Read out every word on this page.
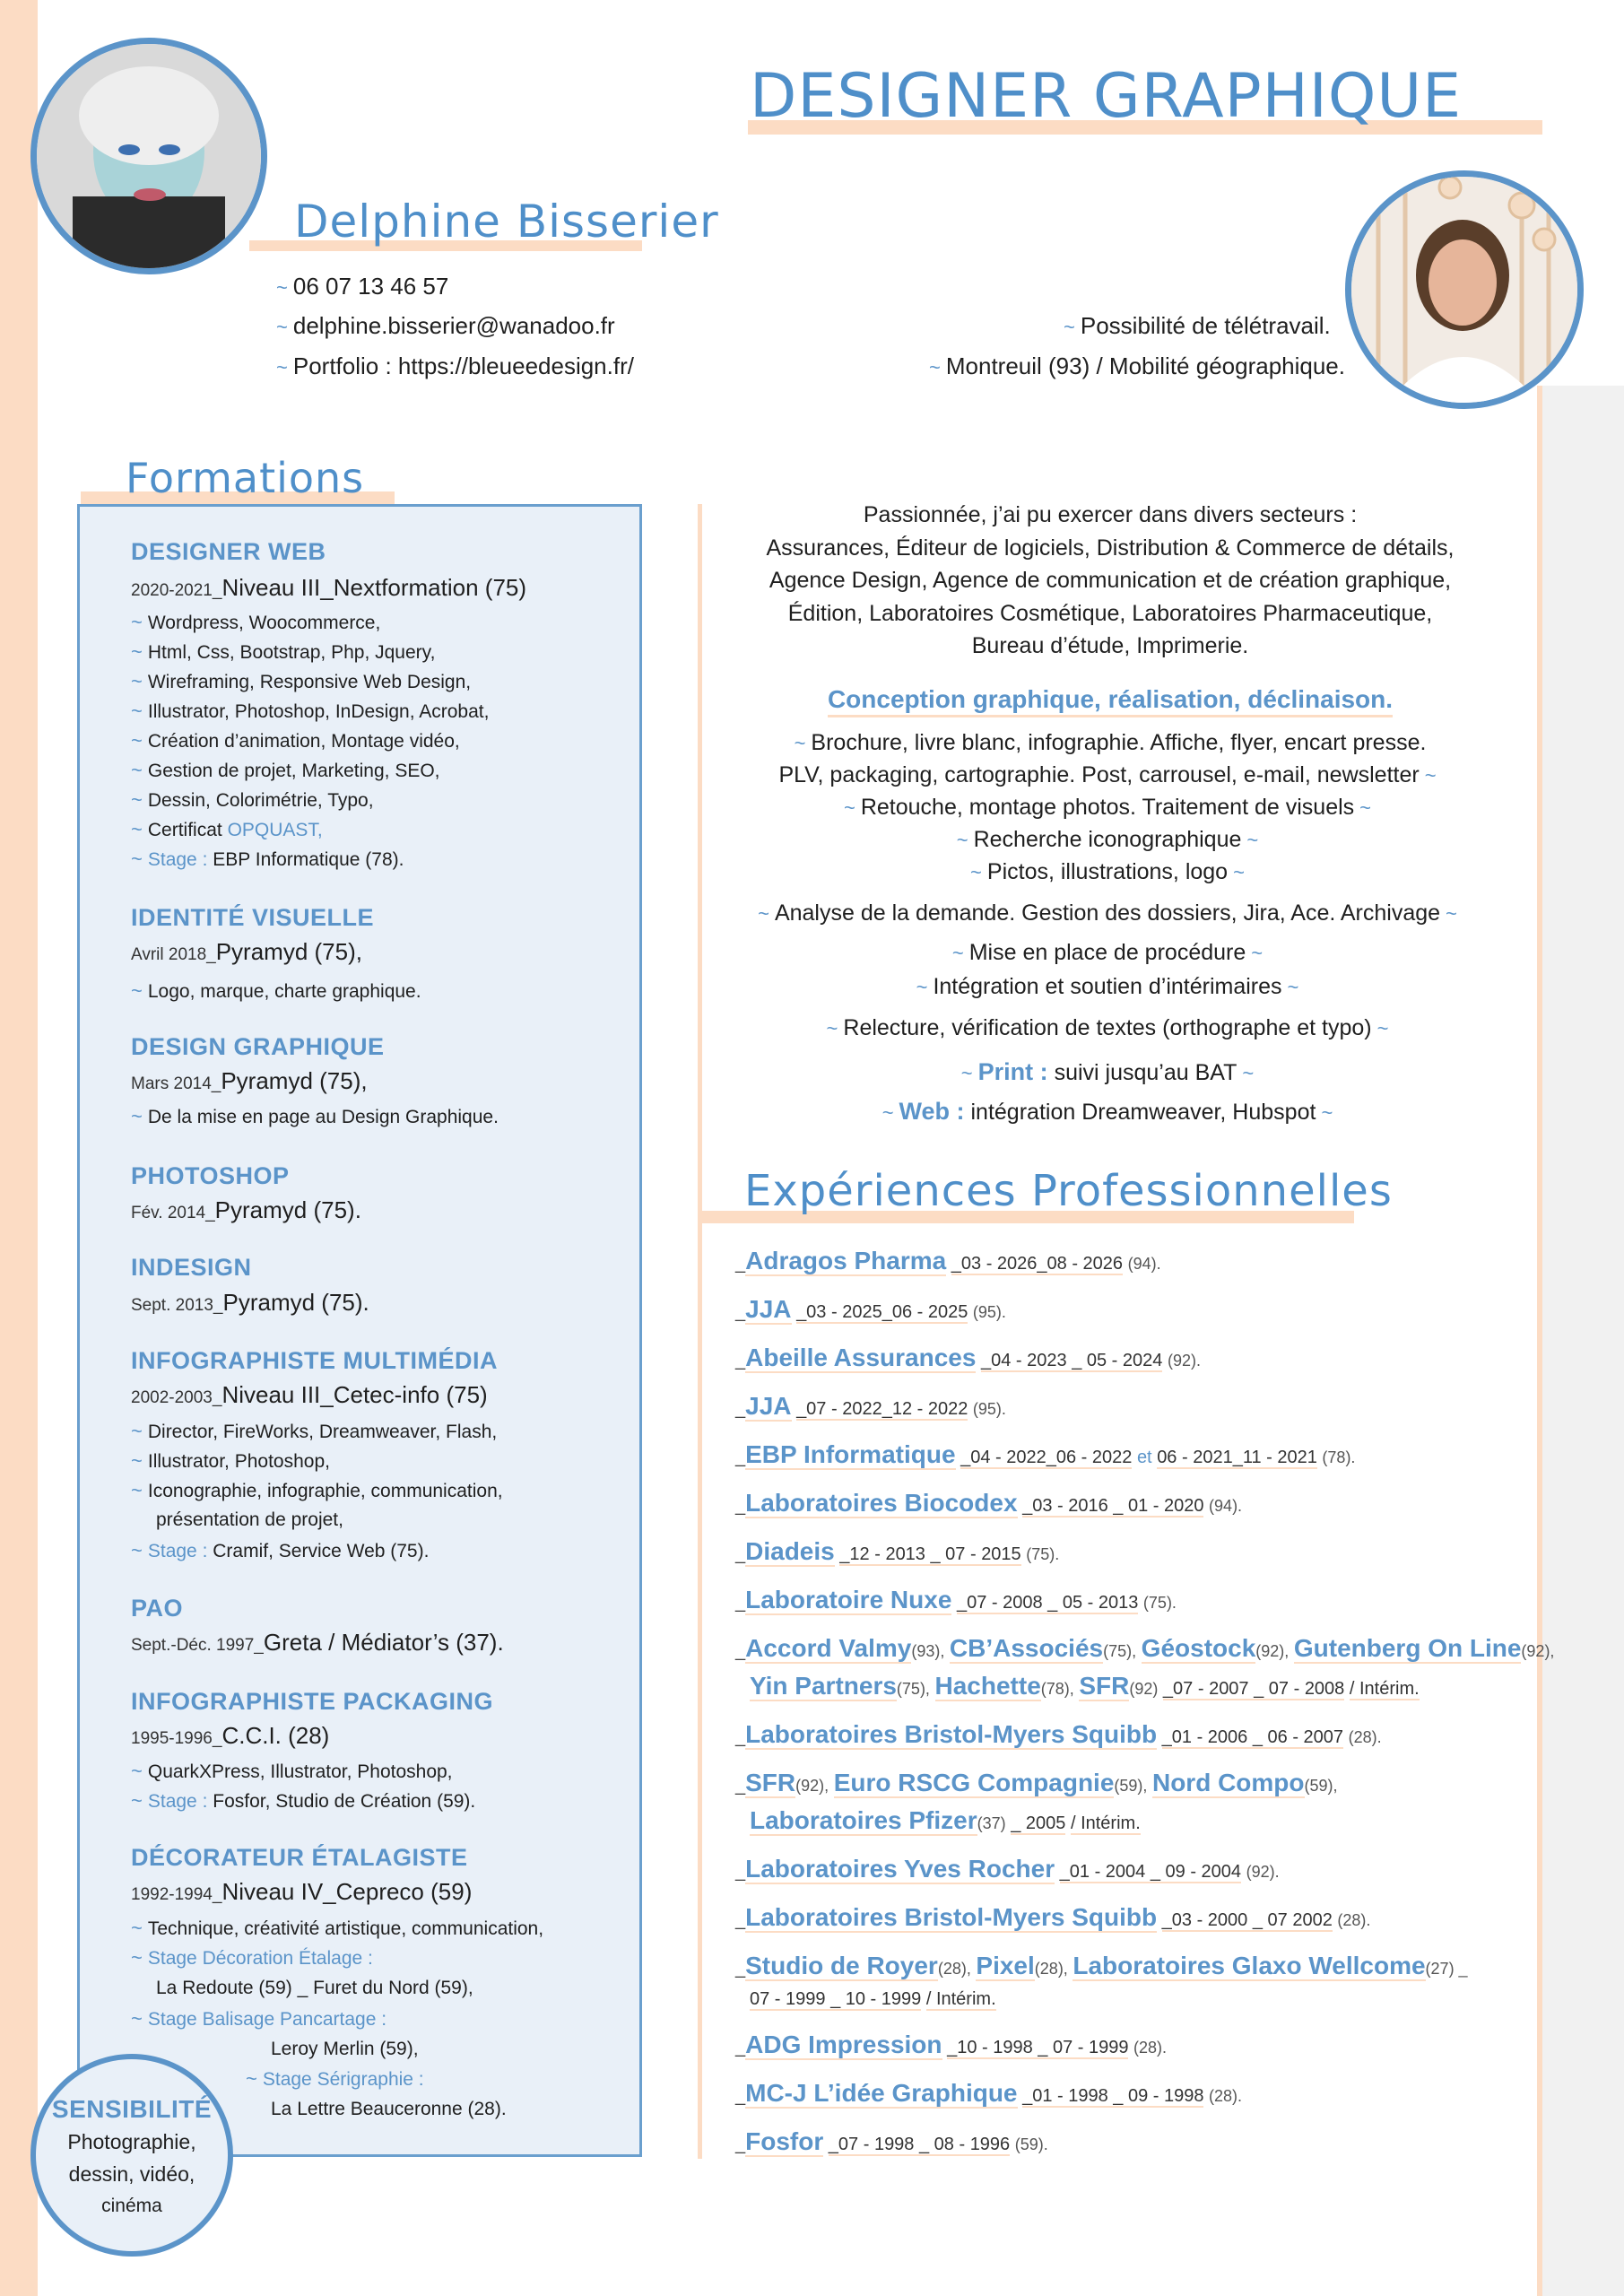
DESIGNER GRAPHIQUE
Delphine Bisserier
~ 06 07 13 46 57
~ delphine.bisserier@wanadoo.fr
~ Portfolio : https://bleueedesign.fr/
~ Possibilité de télétravail.
~ Montreuil (93) / Mobilité géographique.
Formations
DESIGNER WEB
2020-2021_Niveau III_Nextformation (75)
~ Wordpress, Woocommerce,
~ Html, Css, Bootstrap, Php, Jquery,
~ Wireframing, Responsive Web Design,
~ Illustrator, Photoshop, InDesign, Acrobat,
~ Création d’animation, Montage vidéo,
~ Gestion de projet, Marketing, SEO,
~ Dessin, Colorimétrie, Typo,
~ Certificat OPQUAST,
~ Stage : EBP Informatique (78).
IDENTITÉ VISUELLE
Avril 2018_Pyramyd (75),
~ Logo, marque, charte graphique.
DESIGN GRAPHIQUE
Mars 2014_Pyramyd (75),
~ De la mise en page au Design Graphique.
PHOTOSHOP
Fév. 2014_Pyramyd (75).
INDESIGN
Sept. 2013_Pyramyd (75).
INFOGRAPHISTE MULTIMÉDIA
2002-2003_Niveau III_Cetec-info (75)
~ Director, FireWorks, Dreamweaver, Flash,
~ Illustrator, Photoshop,
~ Iconographie, infographie, communication,
présentation de projet,
~ Stage : Cramif, Service Web (75).
PAO
Sept.-Déc. 1997_Greta / Médiator’s (37).
INFOGRAPHISTE PACKAGING
1995-1996_C.C.I. (28)
~ QuarkXPress, Illustrator, Photoshop,
~ Stage : Fosfor, Studio de Création (59).
DÉCORATEUR ÉTALAGISTE
1992-1994_Niveau IV_Cepreco (59)
~ Technique, créativité artistique, communication,
~ Stage Décoration Étalage :
La Redoute (59) _ Furet du Nord (59),
~ Stage Balisage Pancartage :
Leroy Merlin (59),
~ Stage Sérigraphie :
La Lettre Beauceronne (28).
SENSIBILITÉ
Photographie,
dessin, vidéo,
cinéma
Passionnée, j’ai pu exercer dans divers secteurs :
Assurances, Éditeur de logiciels, Distribution & Commerce de détails,
Agence Design, Agence de communication et de création graphique,
Édition, Laboratoires Cosmétique, Laboratoires Pharmaceutique,
Bureau d’étude, Imprimerie.
Conception graphique, réalisation, déclinaison.
~ Brochure, livre blanc, infographie. Affiche, flyer, encart presse.
PLV, packaging, cartographie. Post, carrousel, e-mail, newsletter ~
~ Retouche, montage photos. Traitement de visuels ~
~ Recherche iconographique ~
~ Pictos, illustrations, logo ~
~ Analyse de la demande. Gestion des dossiers, Jira, Ace. Archivage ~
~ Mise en place de procédure ~
~ Intégration et soutien d’intérimaires ~
~ Relecture, vérification de textes (orthographe et typo) ~
~ Print : suivi jusqu’au BAT ~
~ Web : intégration Dreamweaver, Hubspot ~
Expériences Professionnelles
_Adragos Pharma _03 - 2026_08 - 2026 (94).
_JJA _03 - 2025_06 - 2025 (95).
_Abeille Assurances _04 - 2023 _ 05 - 2024 (92).
_JJA _07 - 2022_12 - 2022 (95).
_EBP Informatique _04 - 2022_06 - 2022 et 06 - 2021_11 - 2021 (78).
_Laboratoires Biocodex _03 - 2016 _ 01 - 2020 (94).
_Diadeis _12 - 2013 _ 07 - 2015 (75).
_Laboratoire Nuxe _07 - 2008 _ 05 - 2013 (75).
_Accord Valmy(93), CB’Associés(75), Géostock(92), Gutenberg On Line(92),
Yin Partners(75), Hachette(78), SFR(92) _07 - 2007 _ 07 - 2008 / Intérim.
_Laboratoires Bristol-Myers Squibb _01 - 2006 _ 06 - 2007 (28).
_SFR(92), Euro RSCG Compagnie(59), Nord Compo(59),
Laboratoires Pfizer(37) _ 2005 / Intérim.
_Laboratoires Yves Rocher _01 - 2004 _ 09 - 2004 (92).
_Laboratoires Bristol-Myers Squibb _03 - 2000 _ 07 2002 (28).
_Studio de Royer(28), Pixel(28), Laboratoires Glaxo Wellcome(27) _
07 - 1999 _ 10 - 1999 / Intérim.
_ADG Impression _10 - 1998 _ 07 - 1999 (28).
_MC-J L’idée Graphique _01 - 1998 _ 09 - 1998 (28).
_Fosfor _07 - 1998 _ 08 - 1996 (59).
